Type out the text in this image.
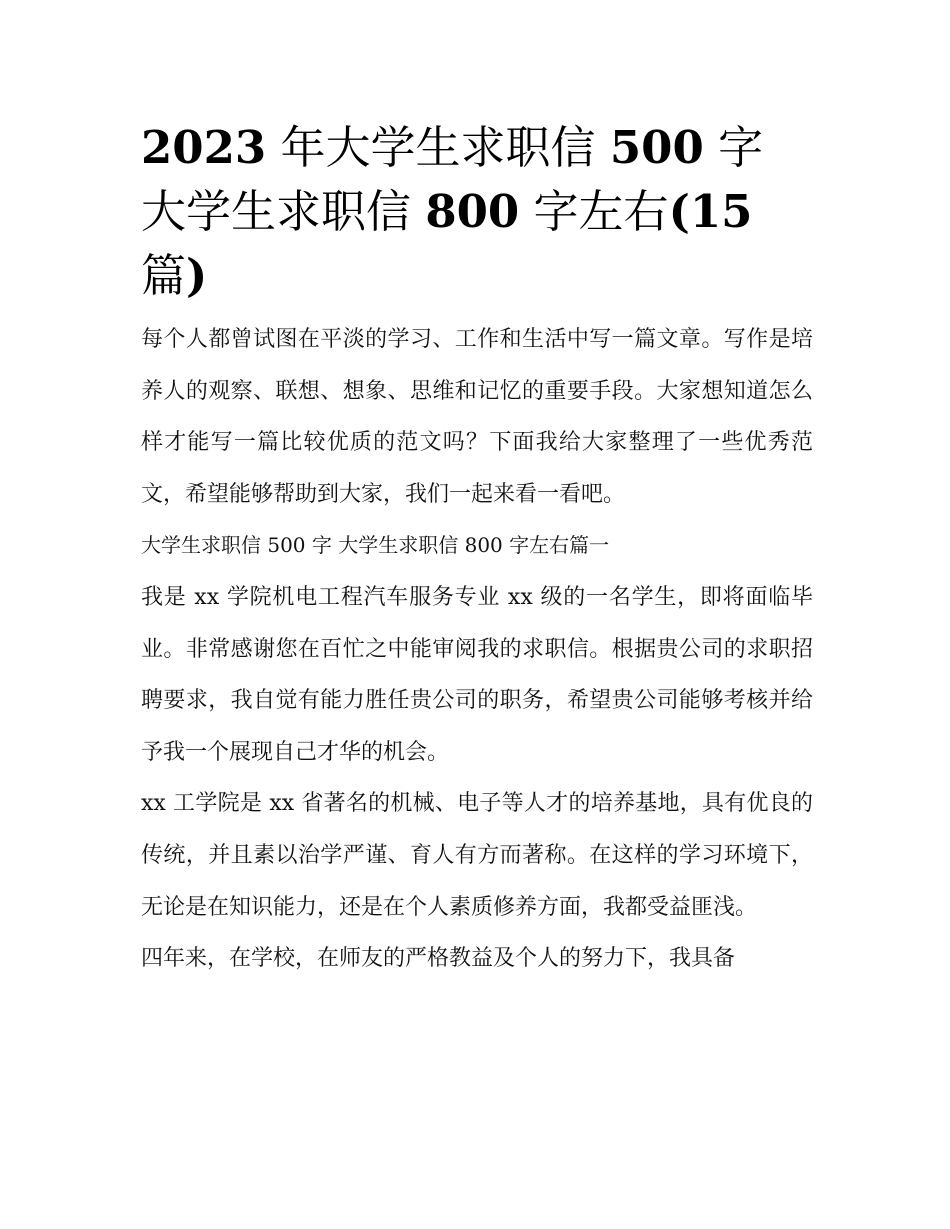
2023 年大学生求职信 500 字
大学生求职信 800 字左右(15
篇)

每个人都曾试图在平淡的学习、工作和生活中写一篇文章。写作是培养人的观察、联想、想象、思维和记忆的重要手段。大家想知道怎么样才能写一篇比较优质的范文吗？下面我给大家整理了一些优秀范文，希望能够帮助到大家，我们一起来看一看吧。

大学生求职信 500 字 大学生求职信 800 字左右篇一

我是 xx 学院机电工程汽车服务专业 xx 级的一名学生，即将面临毕业。非常感谢您在百忙之中能审阅我的求职信。根据贵公司的求职招聘要求，我自觉有能力胜任贵公司的职务，希望贵公司能够考核并给予我一个展现自己才华的机会。

xx 工学院是 xx 省著名的机械、电子等人才的培养基地，具有优良的传统，并且素以治学严谨、育人有方而著称。在这样的学习环境下，无论是在知识能力，还是在个人素质修养方面，我都受益匪浅。

四年来，在学校，在师友的严格教益及个人的努力下，我具备
